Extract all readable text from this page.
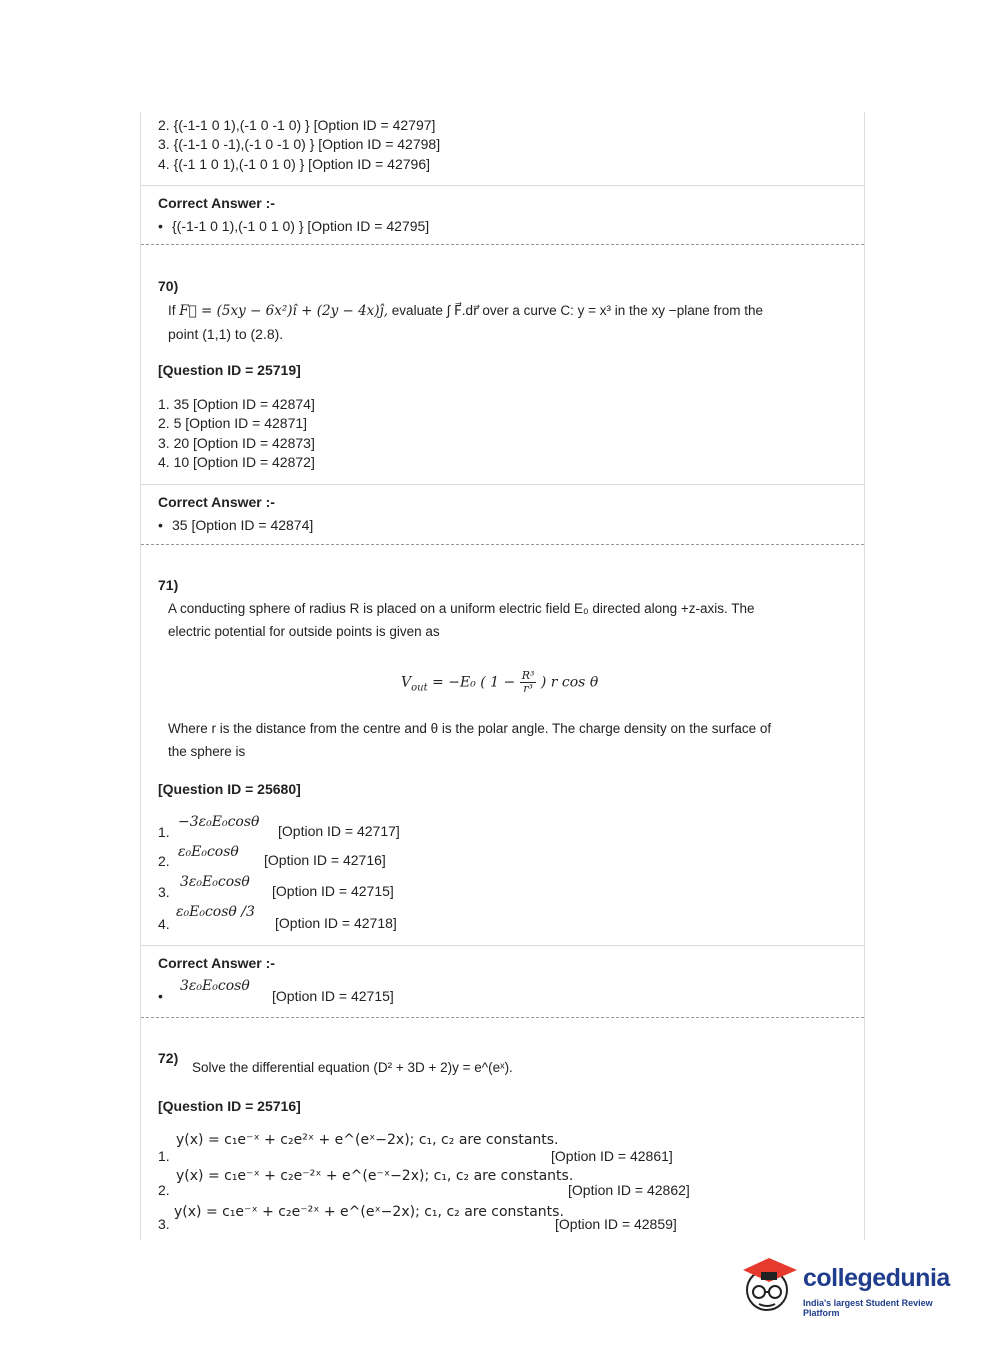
2. {(-1-1 0 1),(-1 0 -1 0) } [Option ID = 42797]
3. {(-1-1 0 -1),(-1 0 -1 0) } [Option ID = 42798]
4. {(-1 1 0 1),(-1 0 1 0) } [Option ID = 42796]
Correct Answer :-
• {(-1-1 0 1),(-1 0 1 0) } [Option ID = 42795]
70)
If F⃗ = (5xy − 6x²)î + (2y − 4x)ĵ, evaluate ∫ F⃗.dr⃗ over a curve C: y = x³ in the xy −plane from the
point (1,1) to (2.8).
[Question ID = 25719]
1. 35 [Option ID = 42874]
2. 5 [Option ID = 42871]
3. 20 [Option ID = 42873]
4. 10 [Option ID = 42872]
Correct Answer :-
• 35 [Option ID = 42874]
71)
A conducting sphere of radius R is placed on a uniform electric field E₀ directed along +z-axis. The
electric potential for outside points is given as
$V_{out} = -E_0$ ( $1 - \frac{\text{R³}}{\text{r³}}$ ) r cos θ
Where r is the distance from the centre and θ is the polar angle. The charge density on the surface of
the sphere is
[Question ID = 25680]
1.
−3ε₀E₀cosθ
[Option ID = 42717]
2.
ε₀E₀cosθ [Option ID = 42716]
3.
3ε₀E₀cosθ
[Option ID = 42715]
4.
ε₀E₀cosθ /3
[Option ID = 42718]
Correct Answer :-
•
3ε₀E₀cosθ
[Option ID = 42715]
72)
Solve the differential equation (D² + 3D + 2)y = e^(eˣ).
[Question ID = 25716]
1.
y(x) = c₁e⁻ˣ + c₂e²ˣ + e^(eˣ−2x); c₁, c₂ are constants.
[Option ID = 42861]
2.
y(x) = c₁e⁻ˣ + c₂e⁻²ˣ + e^(e⁻ˣ−2x); c₁, c₂ are constants.
[Option ID = 42862]
3.
y(x) = c₁e⁻ˣ + c₂e⁻²ˣ + e^(eˣ−2x); c₁, c₂ are constants.
[Option ID = 42859]
collegedunia
India's largest Student Review Platform
